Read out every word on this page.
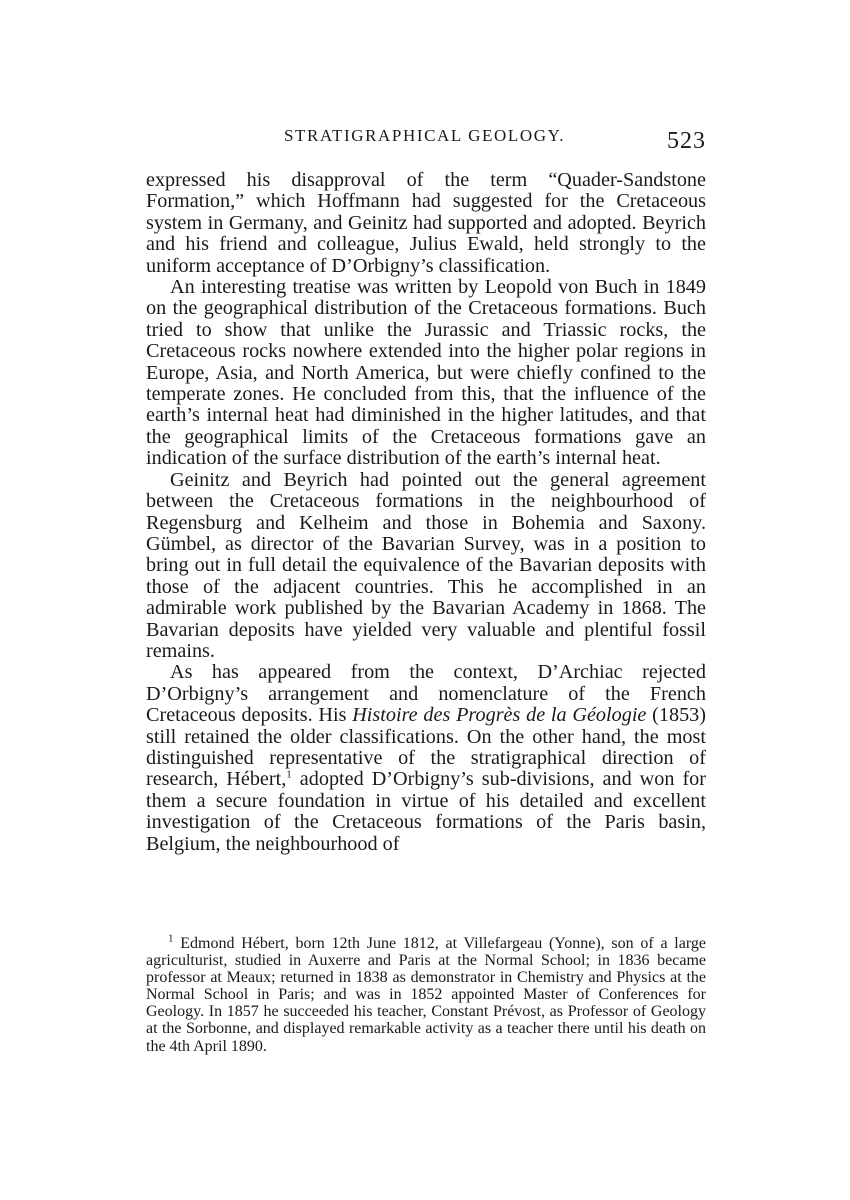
STRATIGRAPHICAL GEOLOGY.	523

expressed his disapproval of the term “Quader-Sandstone Formation,” which Hoffmann had suggested for the Cretaceous system in Germany, and Geinitz had supported and adopted. Beyrich and his friend and colleague, Julius Ewald, held strongly to the uniform acceptance of D’Orbigny’s classification.

An interesting treatise was written by Leopold von Buch in 1849 on the geographical distribution of the Cretaceous formations. Buch tried to show that unlike the Jurassic and Triassic rocks, the Cretaceous rocks nowhere extended into the higher polar regions in Europe, Asia, and North America, but were chiefly confined to the temperate zones. He concluded from this, that the influence of the earth’s internal heat had diminished in the higher latitudes, and that the geographical limits of the Cretaceous formations gave an indication of the surface distribution of the earth’s internal heat.

Geinitz and Beyrich had pointed out the general agreement between the Cretaceous formations in the neighbourhood of Regensburg and Kelheim and those in Bohemia and Saxony. Gümbel, as director of the Bavarian Survey, was in a position to bring out in full detail the equivalence of the Bavarian deposits with those of the adjacent countries. This he accomplished in an admirable work published by the Bavarian Academy in 1868. The Bavarian deposits have yielded very valuable and plentiful fossil remains.

As has appeared from the context, D’Archiac rejected D’Orbigny’s arrangement and nomenclature of the French Cretaceous deposits. His Histoire des Progrès de la Géologie (1853) still retained the older classifications. On the other hand, the most distinguished representative of the stratigraphical direction of research, Hébert,$^1$ adopted D’Orbigny’s sub-divisions, and won for them a secure foundation in virtue of his detailed and excellent investigation of the Cretaceous formations of the Paris basin, Belgium, the neighbourhood of

$^1$ Edmond Hébert, born 12th June 1812, at Villefargeau (Yonne), son of a large agriculturist, studied in Auxerre and Paris at the Normal School; in 1836 became professor at Meaux; returned in 1838 as demonstrator in Chemistry and Physics at the Normal School in Paris; and was in 1852 appointed Master of Conferences for Geology. In 1857 he succeeded his teacher, Constant Prévost, as Professor of Geology at the Sorbonne, and displayed remarkable activity as a teacher there until his death on the 4th April 1890.
